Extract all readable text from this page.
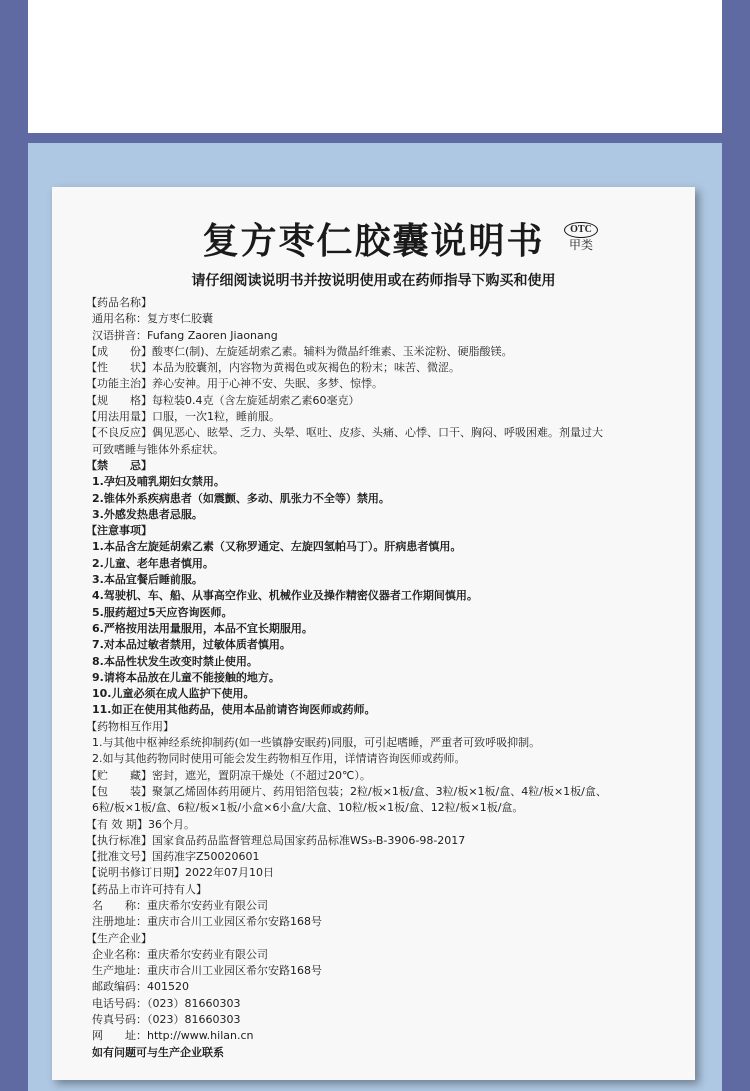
复方枣仁胶囊说明书	OTC
甲类
请仔细阅读说明书并按说明使用或在药师指导下购买和使用
【药品名称】
通用名称：复方枣仁胶囊
汉语拼音：Fufang Zaoren Jiaonang
【成　　份】酸枣仁(制)、左旋延胡索乙素。辅料为微晶纤维素、玉米淀粉、硬脂酸镁。
【性　　状】本品为胶囊剂，内容物为黄褐色或灰褐色的粉末；味苦、微涩。
【功能主治】养心安神。用于心神不安、失眠、多梦、惊悸。
【规　　格】每粒装0.4克（含左旋延胡索乙素60毫克）
【用法用量】口服，一次1粒，睡前服。
【不良反应】偶见恶心、眩晕、乏力、头晕、呕吐、皮疹、头痛、心悸、口干、胸闷、呼吸困难。剂量过大
可致嗜睡与锥体外系症状。
【禁　　忌】
1.孕妇及哺乳期妇女禁用。
2.锥体外系疾病患者（如震颤、多动、肌张力不全等）禁用。
3.外感发热患者忌服。
【注意事项】
1.本品含左旋延胡索乙素（又称罗通定、左旋四氢帕马丁）。肝病患者慎用。
2.儿童、老年患者慎用。
3.本品宜餐后睡前服。
4.驾驶机、车、船、从事高空作业、机械作业及操作精密仪器者工作期间慎用。
5.服药超过5天应咨询医师。
6.严格按用法用量服用，本品不宜长期服用。
7.对本品过敏者禁用，过敏体质者慎用。
8.本品性状发生改变时禁止使用。
9.请将本品放在儿童不能接触的地方。
10.儿童必须在成人监护下使用。
11.如正在使用其他药品，使用本品前请咨询医师或药师。
【药物相互作用】
1.与其他中枢神经系统抑制药(如一些镇静安眠药)同服，可引起嗜睡，严重者可致呼吸抑制。
2.如与其他药物同时使用可能会发生药物相互作用，详情请咨询医师或药师。
【贮　　藏】密封，遮光，置阴凉干燥处（不超过20℃）。
【包　　装】聚氯乙烯固体药用硬片、药用铝箔包装；2粒/板×1板/盒、3粒/板×1板/盒、4粒/板×1板/盒、
6粒/板×1板/盒、6粒/板×1板/小盒×6小盒/大盒、10粒/板×1板/盒、12粒/板×1板/盒。
【有 效 期】36个月。
【执行标准】国家食品药品监督管理总局国家药品标准WS₃-B-3906-98-2017
【批准文号】国药准字Z50020601
【说明书修订日期】2022年07月10日
【药品上市许可持有人】
名　　称：重庆希尔安药业有限公司
注册地址：重庆市合川工业园区希尔安路168号
【生产企业】
企业名称：重庆希尔安药业有限公司
生产地址：重庆市合川工业园区希尔安路168号
邮政编码：401520
电话号码：（023）81660303
传真号码：（023）81660303
网　　址：http://www.hilan.cn
如有问题可与生产企业联系
